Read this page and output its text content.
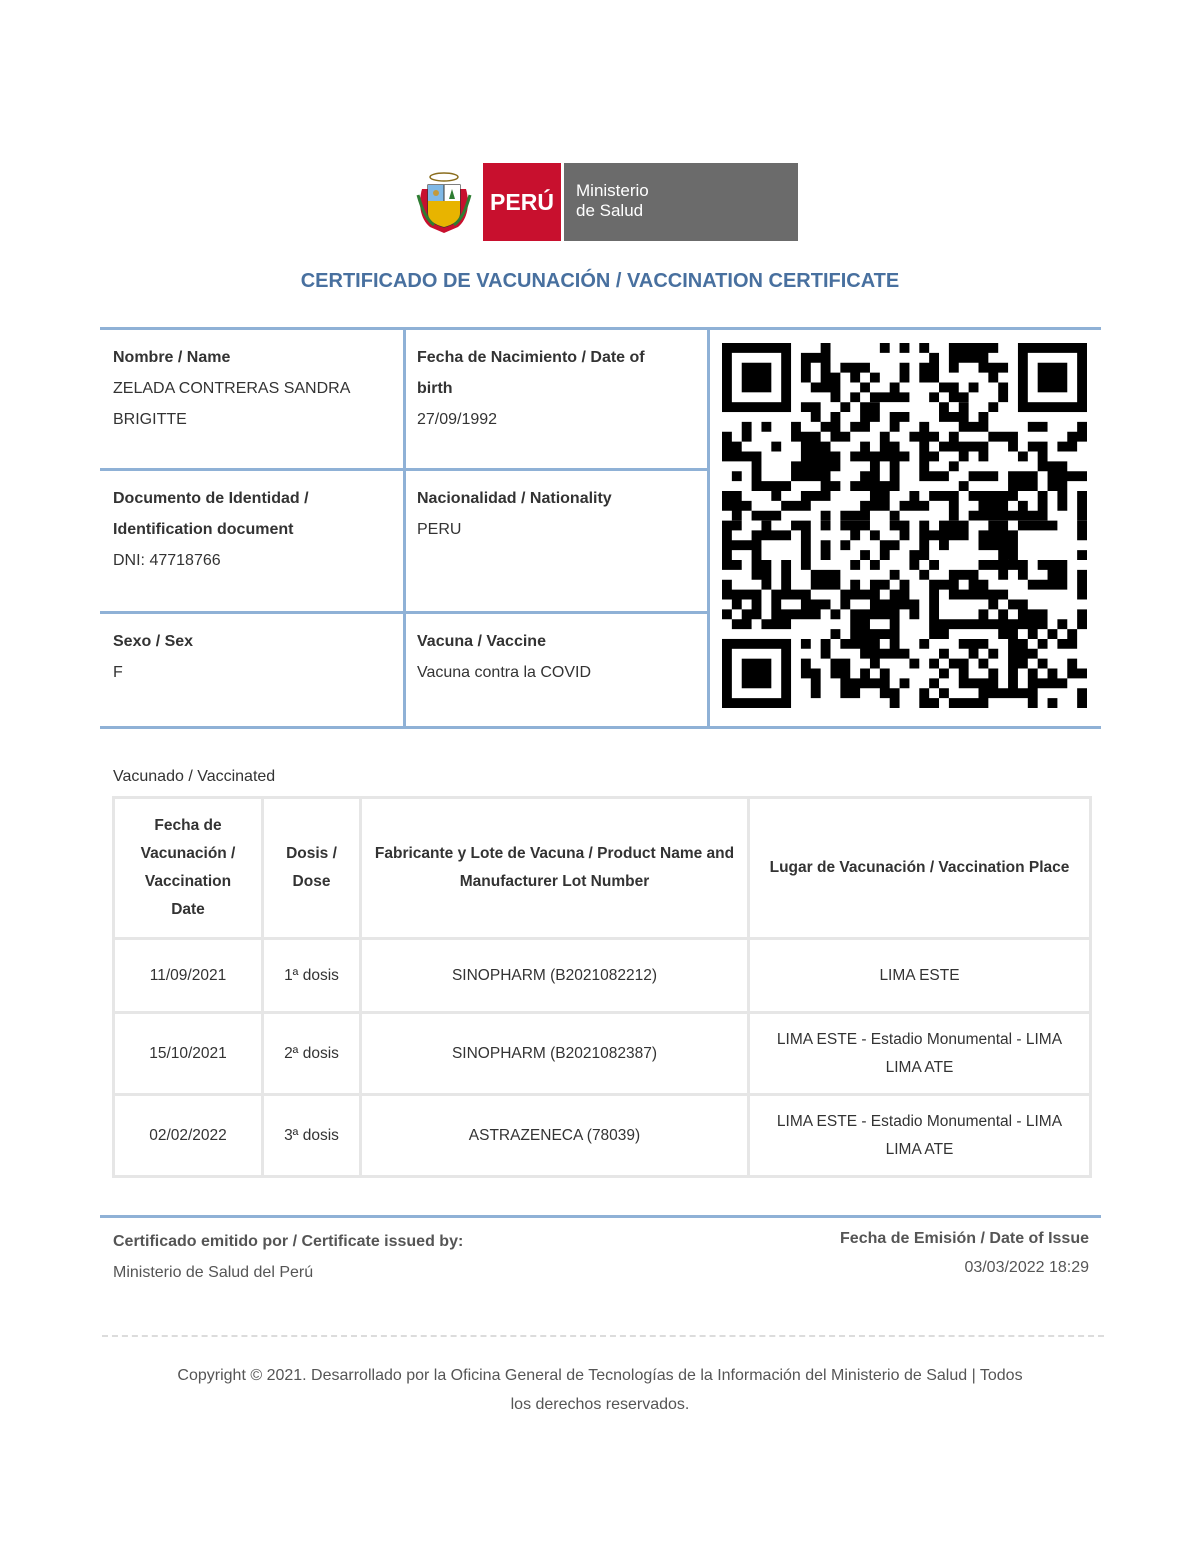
PERÚ Ministerio
de Salud
CERTIFICADO DE VACUNACIÓN / VACCINATION CERTIFICATE
Nombre / Name
ZELADA CONTRERAS SANDRA
BRIGITTE
Fecha de Nacimiento / Date of
birth
27/09/1992
Documento de Identidad /
Identification document
DNI: 47718766
Nacionalidad / Nationality
PERU
Sexo / Sex
F
Vacuna / Vaccine
Vacuna contra la COVID
Vacunado / Vaccinated
Fecha de Vacunación / Vaccination Date	Dosis / Dose	Fabricante y Lote de Vacuna / Product Name and Manufacturer Lot Number	Lugar de Vacunación / Vaccination Place
11/09/2021	1ª dosis	SINOPHARM (B2021082212)	LIMA ESTE
15/10/2021	2ª dosis	SINOPHARM (B2021082387)	LIMA ESTE - Estadio Monumental - LIMA LIMA ATE
02/02/2022	3ª dosis	ASTRAZENECA (78039)	LIMA ESTE - Estadio Monumental - LIMA LIMA ATE
Certificado emitido por / Certificate issued by:
Ministerio de Salud del Perú
Fecha de Emisión / Date of Issue
03/03/2022 18:29
Copyright © 2021. Desarrollado por la Oficina General de Tecnologías de la Información del Ministerio de Salud | Todos
los derechos reservados.
